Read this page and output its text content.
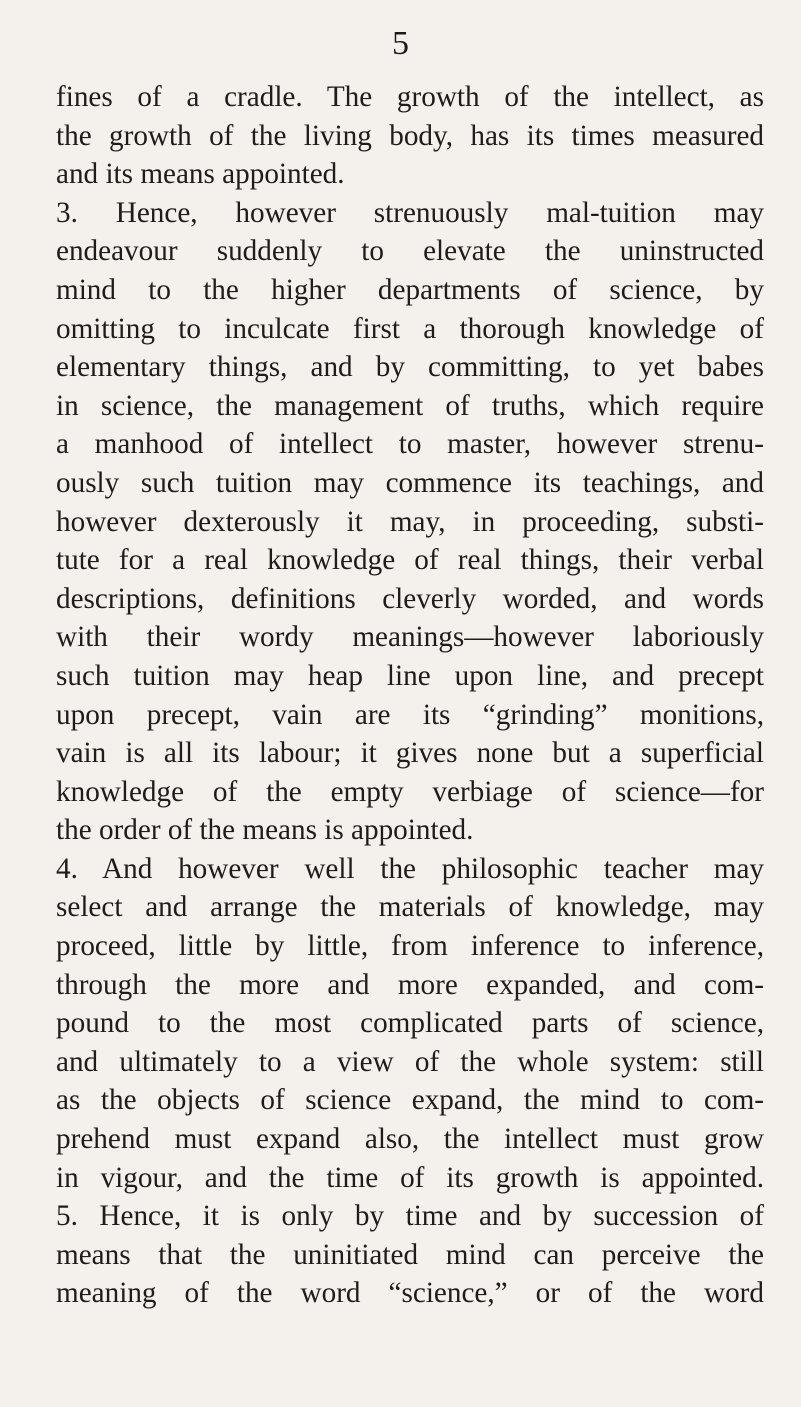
5
fines of a cradle. The growth of the intellect, as
the growth of the living body, has its times measured
and its means appointed.
3. Hence, however strenuously mal-tuition may
endeavour suddenly to elevate the uninstructed
mind to the higher departments of science, by
omitting to inculcate first a thorough knowledge of
elementary things, and by committing, to yet babes
in science, the management of truths, which require
a manhood of intellect to master, however strenu-
ously such tuition may commence its teachings, and
however dexterously it may, in proceeding, substi-
tute for a real knowledge of real things, their verbal
descriptions, definitions cleverly worded, and words
with their wordy meanings—however laboriously
such tuition may heap line upon line, and precept
upon precept, vain are its “grinding” monitions,
vain is all its labour; it gives none but a superficial
knowledge of the empty verbiage of science—for
the order of the means is appointed.
4. And however well the philosophic teacher may
select and arrange the materials of knowledge, may
proceed, little by little, from inference to inference,
through the more and more expanded, and com-
pound to the most complicated parts of science,
and ultimately to a view of the whole system: still
as the objects of science expand, the mind to com-
prehend must expand also, the intellect must grow
in vigour, and the time of its growth is appointed.
5. Hence, it is only by time and by succession of
means that the uninitiated mind can perceive the
meaning of the word “science,” or of the word
